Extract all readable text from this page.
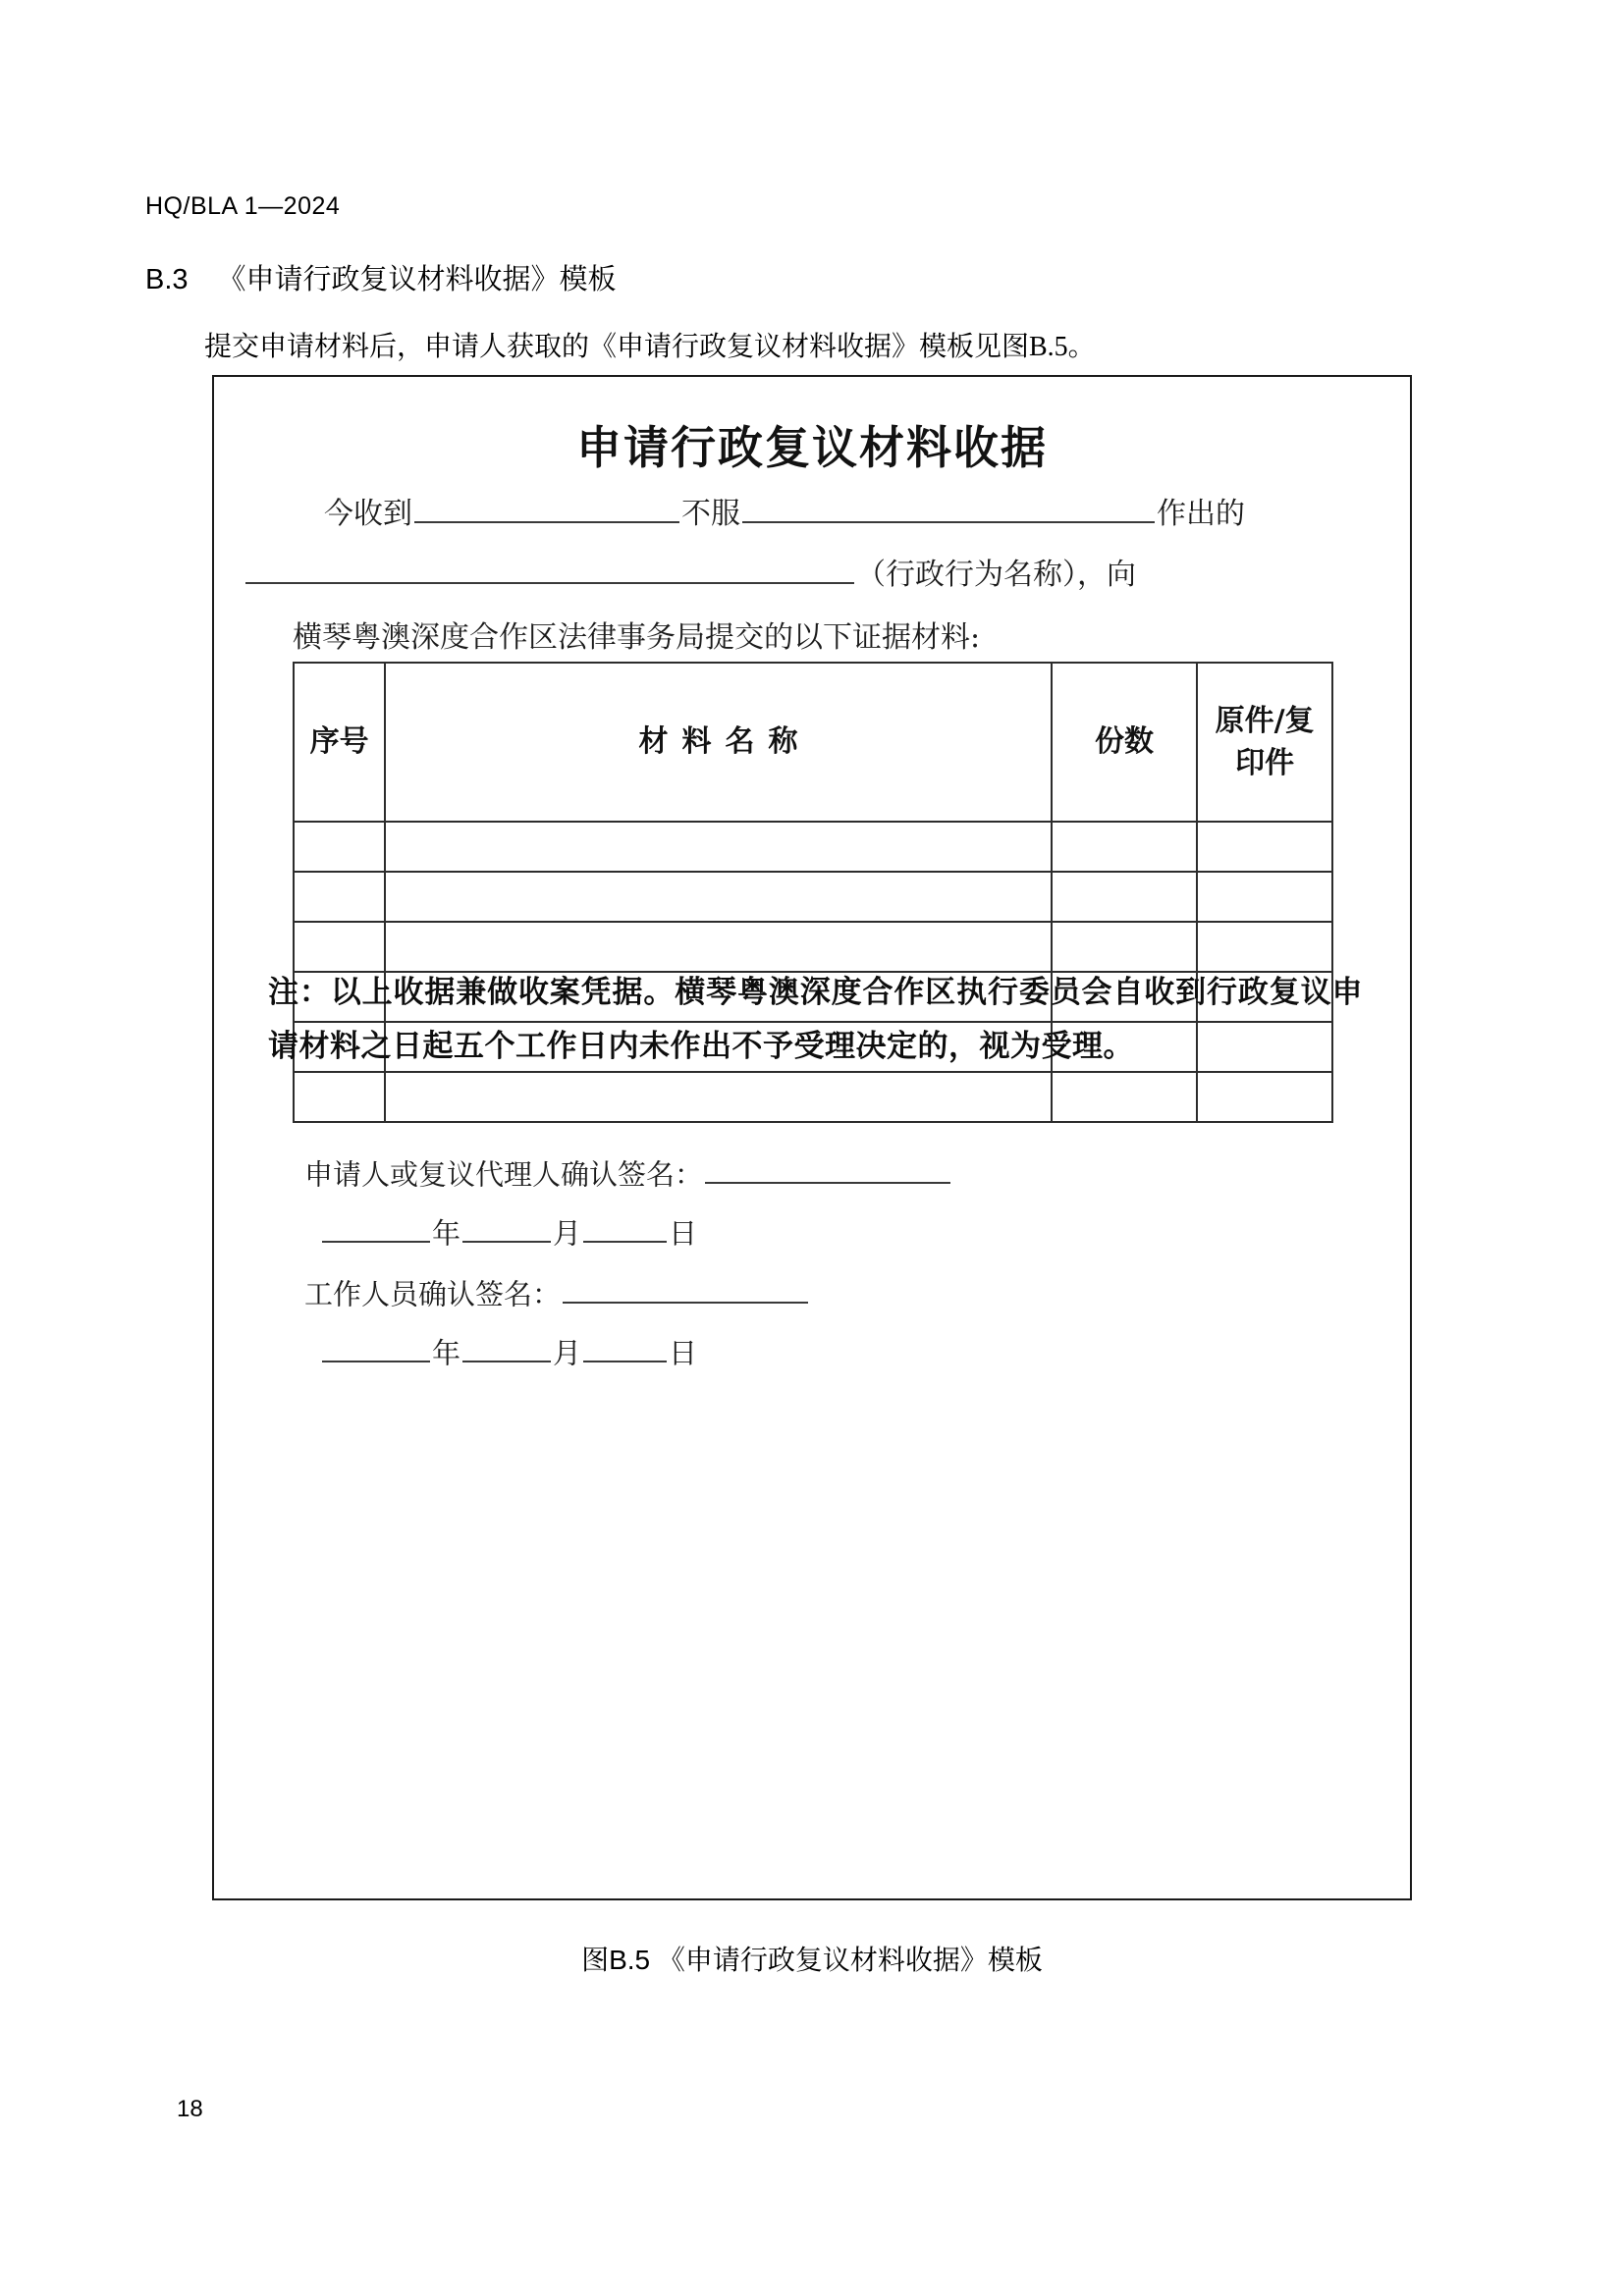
HQ/BLA 1—2024
B.3 《申请行政复议材料收据》模板
提交申请材料后，申请人获取的《申请行政复议材料收据》模板见图B.5。
申请行政复议材料收据
今收到	不服	作出的
（行政行为名称），向
横琴粤澳深度合作区法律事务局提交的以下证据材料:
序号	材料名称	份数	原件/复印件

注：以上收据兼做收案凭据。横琴粤澳深度合作区执行委员会自收到行政复议申请材料之日起五个工作日内未作出不予受理决定的，视为受理。
申请人或复议代理人确认签名：
年	月	日
工作人员确认签名：
年	月	日
图B.5 《申请行政复议材料收据》模板
18
